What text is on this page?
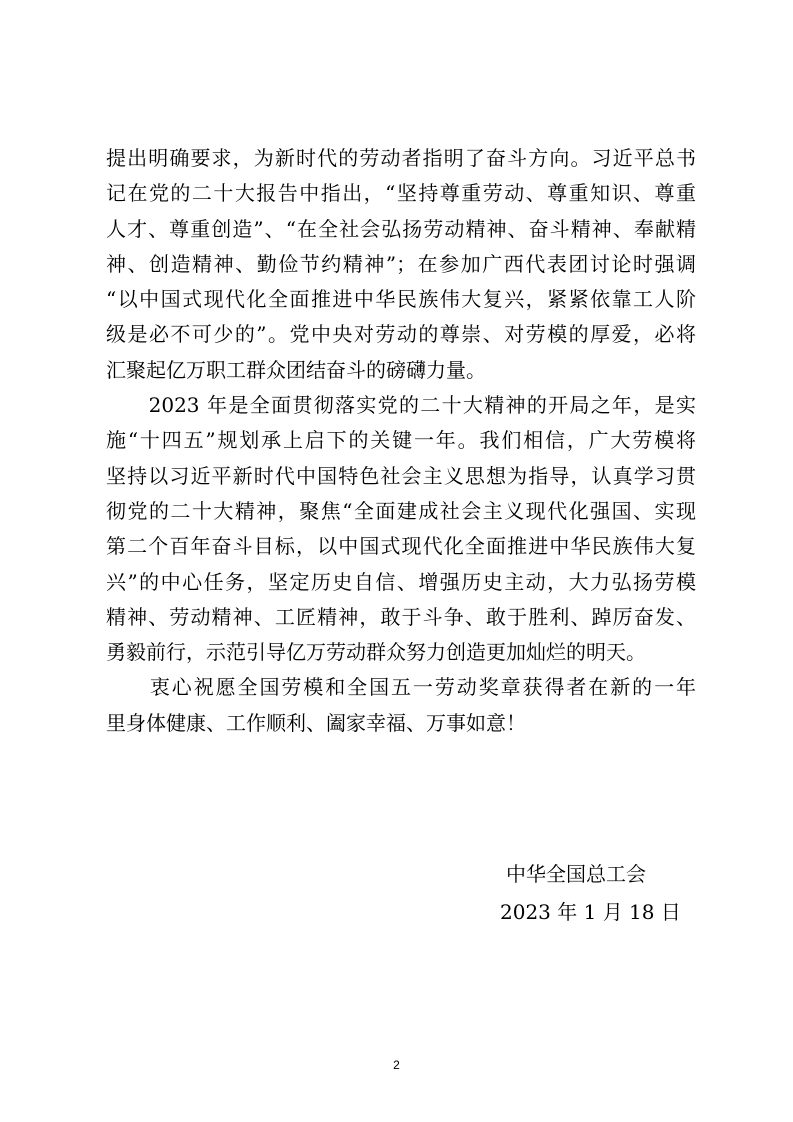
提出明确要求，为新时代的劳动者指明了奋斗方向。习近平总书
记在党的二十大报告中指出，“坚持尊重劳动、尊重知识、尊重
人才、尊重创造”、“在全社会弘扬劳动精神、奋斗精神、奉献精
神、创造精神、勤俭节约精神”；在参加广西代表团讨论时强调
“以中国式现代化全面推进中华民族伟大复兴，紧紧依靠工人阶
级是必不可少的”。党中央对劳动的尊崇、对劳模的厚爱，必将
汇聚起亿万职工群众团结奋斗的磅礴力量。
　　2023 年是全面贯彻落实党的二十大精神的开局之年，是实
施“十四五”规划承上启下的关键一年。我们相信，广大劳模将
坚持以习近平新时代中国特色社会主义思想为指导，认真学习贯
彻党的二十大精神，聚焦“全面建成社会主义现代化强国、实现
第二个百年奋斗目标，以中国式现代化全面推进中华民族伟大复
兴”的中心任务，坚定历史自信、增强历史主动，大力弘扬劳模
精神、劳动精神、工匠精神，敢于斗争、敢于胜利、踔厉奋发、
勇毅前行，示范引导亿万劳动群众努力创造更加灿烂的明天。
　　衷心祝愿全国劳模和全国五一劳动奖章获得者在新的一年
里身体健康、工作顺利、阖家幸福、万事如意！
中华全国总工会
2023 年 1 月 18 日
2
